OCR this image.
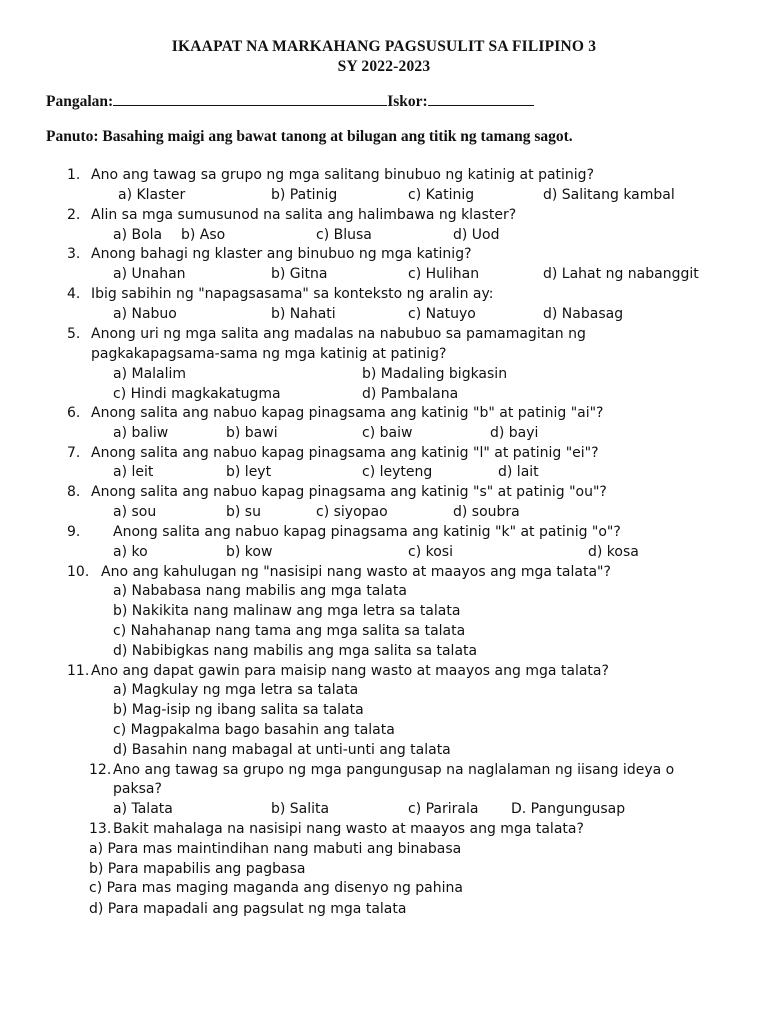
IKAAPAT NA MARKAHANG PAGSUSULIT SA FILIPINO 3
SY 2022-2023
Pangalan:	Iskor:
Panuto: Basahing maigi ang bawat tanong at bilugan ang titik ng tamang sagot.
1. Ano ang tawag sa grupo ng mga salitang binubuo ng katinig at patinig?
a) Klaster	b) Patinig	c) Katinig	d) Salitang kambal
2. Alin sa mga sumusunod na salita ang halimbawa ng klaster?
a) Bola b) Aso	c) Blusa	d) Uod
3. Anong bahagi ng klaster ang binubuo ng mga katinig?
a) Unahan	b) Gitna	c) Hulihan	d) Lahat ng nabanggit
4. Ibig sabihin ng "napagsasama" sa konteksto ng aralin ay:
a) Nabuo	b) Nahati	c) Natuyo	d) Nabasag
5. Anong uri ng mga salita ang madalas na nabubuo sa pamamagitan ng
pagkakapagsama-sama ng mga katinig at patinig?
a) Malalim	b) Madaling bigkasin
c) Hindi magkakatugma	d) Pambalana
6. Anong salita ang nabuo kapag pinagsama ang katinig "b" at patinig "ai"?
a) baliw	b) bawi	c) baiw	d) bayi
7. Anong salita ang nabuo kapag pinagsama ang katinig "l" at patinig "ei"?
a) leit	b) leyt	c) leyteng	d) lait
8. Anong salita ang nabuo kapag pinagsama ang katinig "s" at patinig "ou"?
a) sou	b) su	c) siyopao	d) soubra
9. Anong salita ang nabuo kapag pinagsama ang katinig "k" at patinig "o"?
a) ko	b) kow	c) kosi	d) kosa
10. Ano ang kahulugan ng "nasisipi nang wasto at maayos ang mga talata"?
a) Nababasa nang mabilis ang mga talata
b) Nakikita nang malinaw ang mga letra sa talata
c) Nahahanap nang tama ang mga salita sa talata
d) Nabibigkas nang mabilis ang mga salita sa talata
11. Ano ang dapat gawin para maisip nang wasto at maayos ang mga talata?
a) Magkulay ng mga letra sa talata
b) Mag-isip ng ibang salita sa talata
c) Magpakalma bago basahin ang talata
d) Basahin nang mabagal at unti-unti ang talata
12. Ano ang tawag sa grupo ng mga pangungusap na naglalaman ng iisang ideya o
paksa?
a) Talata	b) Salita	c) Parirala D. Pangungusap
13. Bakit mahalaga na nasisipi nang wasto at maayos ang mga talata?
a) Para mas maintindihan nang mabuti ang binabasa
b) Para mapabilis ang pagbasa
c) Para mas maging maganda ang disenyo ng pahina
d) Para mapadali ang pagsulat ng mga talata
